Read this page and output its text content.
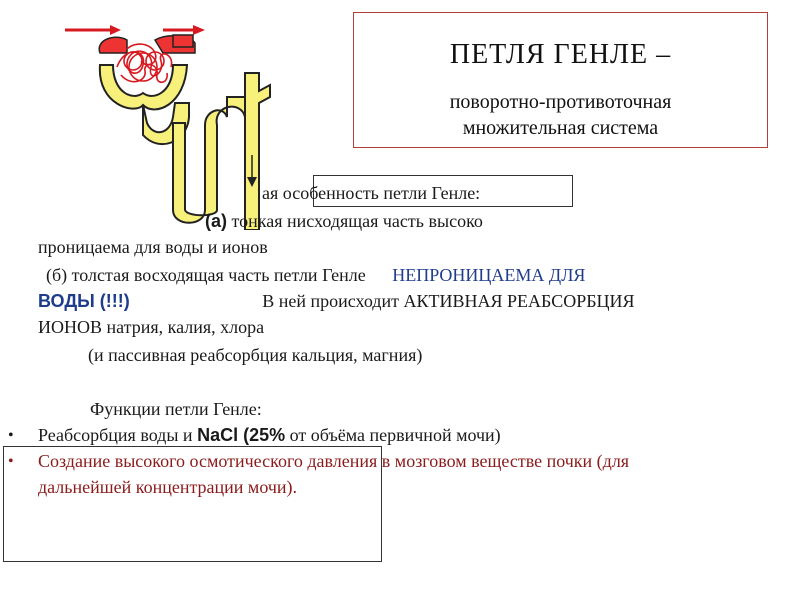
ПЕТЛЯ ГЕНЛЕ –
поворотно-противоточная
множительная система
ая особенность петли Генле:
(а) тонкая нисходящая часть высоко
проницаема для воды и ионов
(б) толстая восходящая часть петли Генле НЕПРОНИЦАЕМА ДЛЯ
ВОДЫ (!!!)	В ней происходит АКТИВНАЯ РЕАБСОРБЦИЯ
ИОНОВ натрия, калия, хлора
(и пассивная реабсорбция кальция, магния)
Функции петли Генле:
• Реабсорбция воды и NaCl (25% от объёма первичной мочи)
• Создание высокого осмотического давления в мозговом веществе почки (для
дальнейшей концентрации мочи).
